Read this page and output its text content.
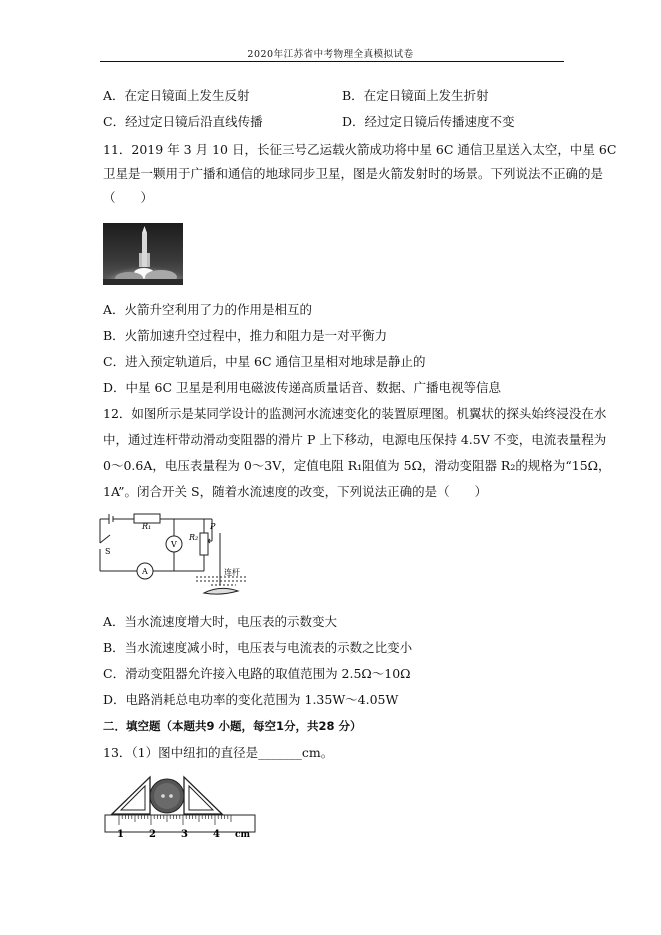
2020年江苏省中考物理全真模拟试卷
A．在定日镜面上发生反射	B．在定日镜面上发生折射
C．经过定日镜后沿直线传播	D．经过定日镜后传播速度不变
11．2019 年 3 月 10 日，长征三号乙运载火箭成功将中星 6C 通信卫星送入太空，中星 6C
卫星是一颗用于广播和通信的地球同步卫星，图是火箭发射时的场景。下列说法不正确的是
（　　）
A．火箭升空利用了力的作用是相互的
B．火箭加速升空过程中，推力和阻力是一对平衡力
C．进入预定轨道后，中星 6C 通信卫星相对地球是静止的
D．中星 6C 卫星是利用电磁波传递高质量话音、数据、广播电视等信息
12．如图所示是某同学设计的监测河水流速变化的装置原理图。机翼状的探头始终浸没在水
中，通过连杆带动滑动变阻器的滑片 P 上下移动，电源电压保持 4.5V 不变，电流表量程为
0～0.6A，电压表量程为 0～3V，定值电阻 R₁阻值为 5Ω，滑动变阻器 R₂的规格为“15Ω，
1A”。闭合开关 S，随着水流速度的改变，下列说法正确的是（　　）
R₁
R₂
P
V
A
S
连杆
A．当水流速度增大时，电压表的示数变大
B．当水流速度减小时，电压表与电流表的示数之比变小
C．滑动变阻器允许接入电路的取值范围为 2.5Ω～10Ω
D．电路消耗总电功率的变化范围为 1.35W～4.05W
二．填空题（本题共9 小题，每空1分，共28 分）
13．（1）图中纽扣的直径是_______cm。
1	2	3	4 cm
